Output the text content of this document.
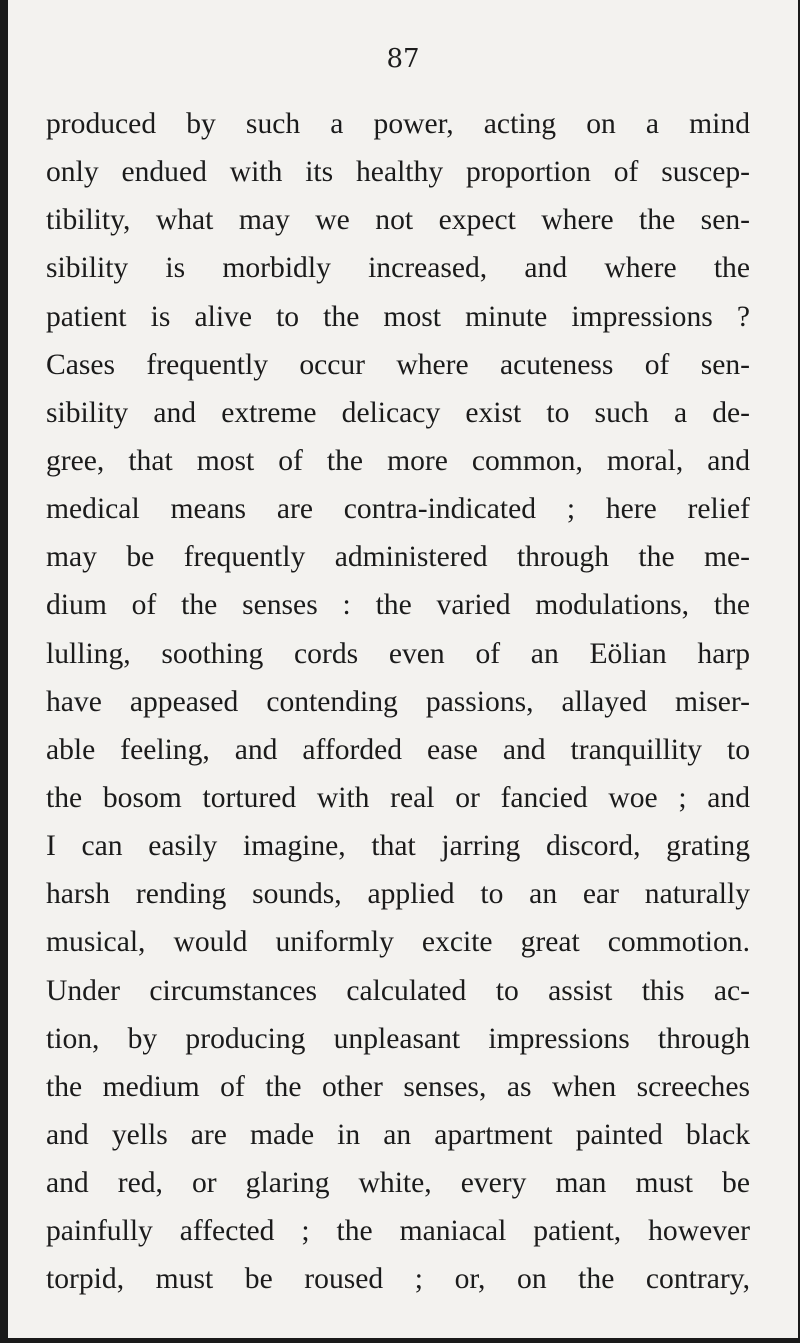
87
produced by such a power, acting on a mind
only endued with its healthy proportion of suscep-
tibility, what may we not expect where the sen-
sibility is morbidly increased, and where the
patient is alive to the most minute impressions ?
Cases frequently occur where acuteness of sen-
sibility and extreme delicacy exist to such a de-
gree, that most of the more common, moral, and
medical means are contra-indicated ; here relief
may be frequently administered through the me-
dium of the senses : the varied modulations, the
lulling, soothing cords even of an Eölian harp
have appeased contending passions, allayed miser-
able feeling, and afforded ease and tranquillity to
the bosom tortured with real or fancied woe ; and
I can easily imagine, that jarring discord, grating
harsh rending sounds, applied to an ear naturally
musical, would uniformly excite great commotion.
Under circumstances calculated to assist this ac-
tion, by producing unpleasant impressions through
the medium of the other senses, as when screeches
and yells are made in an apartment painted black
and red, or glaring white, every man must be
painfully affected ; the maniacal patient, however
torpid, must be roused ; or, on the contrary,
